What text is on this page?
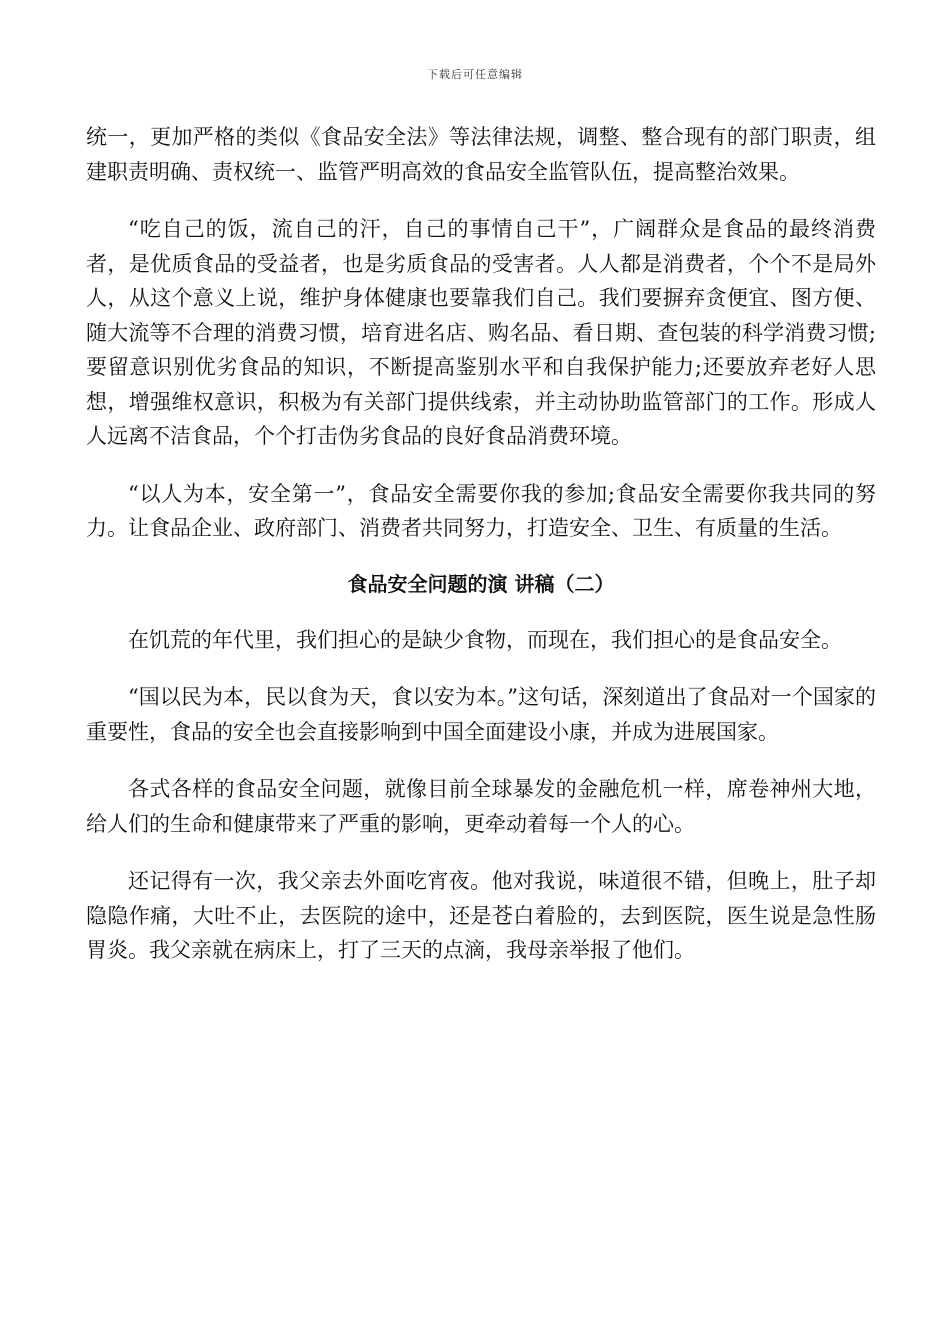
下载后可任意编辑

统一，更加严格的类似《食品安全法》等法律法规，调整、整合现有的部门职责，组建职责明确、责权统一、监管严明高效的食品安全监管队伍，提高整治效果。

“吃自己的饭，流自己的汗，自己的事情自己干”，广阔群众是食品的最终消费者，是优质食品的受益者，也是劣质食品的受害者。人人都是消费者，个个不是局外人，从这个意义上说，维护身体健康也要靠我们自己。我们要摒弃贪便宜、图方便、随大流等不合理的消费习惯，培育进名店、购名品、看日期、查包装的科学消费习惯;要留意识别优劣食品的知识，不断提高鉴别水平和自我保护能力;还要放弃老好人思想，增强维权意识，积极为有关部门提供线索，并主动协助监管部门的工作。形成人人远离不洁食品，个个打击伪劣食品的良好食品消费环境。

“以人为本，安全第一”，食品安全需要你我的参加;食品安全需要你我共同的努力。让食品企业、政府部门、消费者共同努力，打造安全、卫生、有质量的生活。

食品安全问题的演 讲稿（二）

在饥荒的年代里，我们担心的是缺少食物，而现在，我们担心的是食品安全。

“国以民为本，民以食为天，食以安为本。”这句话，深刻道出了食品对一个国家的重要性，食品的安全也会直接影响到中国全面建设小康，并成为进展国家。

各式各样的食品安全问题，就像目前全球暴发的金融危机一样，席卷神州大地，给人们的生命和健康带来了严重的影响，更牵动着每一个人的心。

还记得有一次，我父亲去外面吃宵夜。他对我说，味道很不错，但晚上，肚子却隐隐作痛，大吐不止，去医院的途中，还是苍白着脸的，去到医院，医生说是急性肠胃炎。我父亲就在病床上，打了三天的点滴，我母亲举报了他们。
